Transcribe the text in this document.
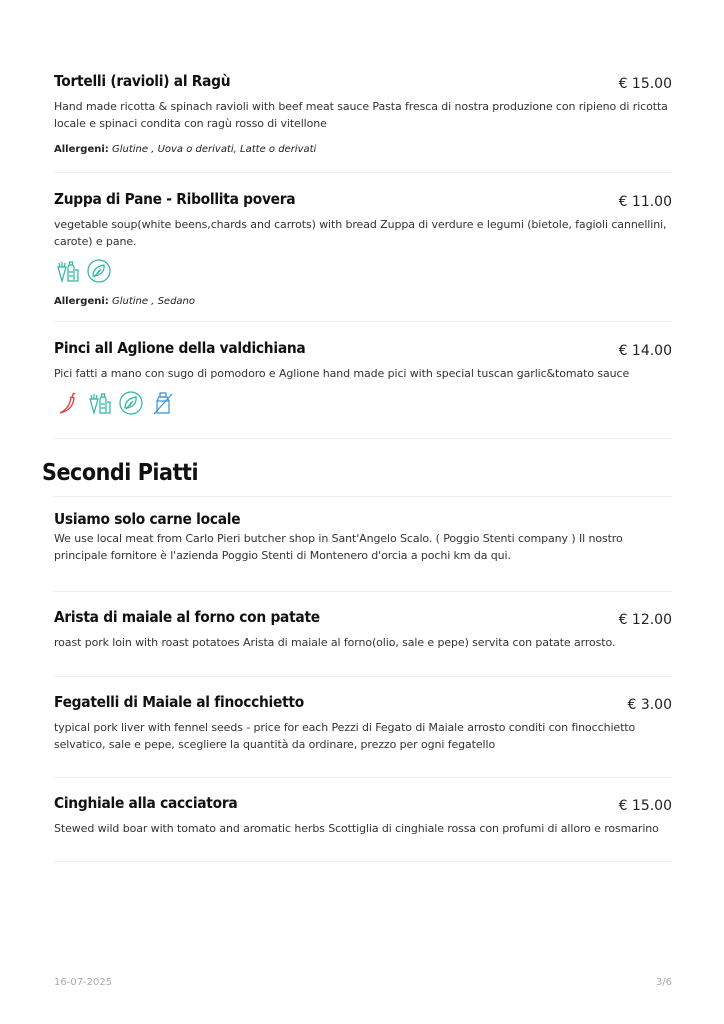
Tortelli (ravioli) al Ragù	€ 15.00
Hand made ricotta & spinach ravioli with beef meat sauce Pasta fresca di nostra produzione con ripieno di ricotta locale e spinaci condita con ragù rosso di vitellone
Allergeni: Glutine , Uova o derivati, Latte o derivati
Zuppa di Pane - Ribollita povera	€ 11.00
vegetable soup(white beens,chards and carrots) with bread Zuppa di verdure e legumi (bietole, fagioli cannellini, carote) e pane.
Allergeni: Glutine , Sedano
Pinci all Aglione della valdichiana	€ 14.00
Pici fatti a mano con sugo di pomodoro e Aglione hand made pici with special tuscan garlic&tomato sauce
Secondi Piatti
Usiamo solo carne locale
We use local meat from Carlo Pieri butcher shop in Sant'Angelo Scalo. ( Poggio Stenti company ) Il nostro principale fornitore è l'azienda Poggio Stenti di Montenero d'orcia a pochi km da qui.
Arista di maiale al forno con patate	€ 12.00
roast pork loin with roast potatoes Arista di maiale al forno(olio, sale e pepe) servita con patate arrosto.
Fegatelli di Maiale al finocchietto	€ 3.00
typical pork liver with fennel seeds - price for each Pezzi di Fegato di Maiale arrosto conditi con finocchietto selvatico, sale e pepe, scegliere la quantità da ordinare, prezzo per ogni fegatello
Cinghiale alla cacciatora	€ 15.00
Stewed wild boar with tomato and aromatic herbs Scottiglia di cinghiale rossa con profumi di alloro e rosmarino
16-07-2025	3/6
